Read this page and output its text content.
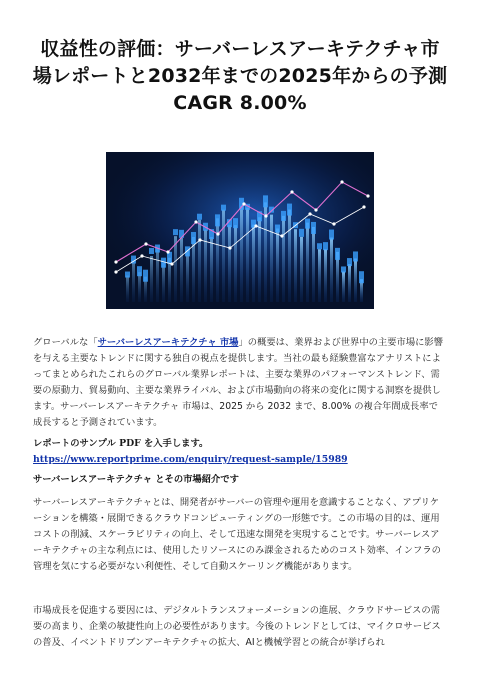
収益性の評価：サーバーレスアーキテクチャ市
場レポートと2032年までの2025年からの予測
CAGR 8.00%

グローバルな「サーバーレスアーキテクチャ 市場」の概要は、業界および世界中の主要市場に影響を与える主要なトレンドに関する独自の視点を提供します。当社の最も経験豊富なアナリストによってまとめられたこれらのグローバル業界レポートは、主要な業界のパフォーマンストレンド、需要の原動力、貿易動向、主要な業界ライバル、および市場動向の将来の変化に関する洞察を提供します。サーバーレスアーキテクチャ 市場は、2025 から 2032 まで、8.00% の複合年間成長率で成長すると予測されています。

レポートのサンプル PDF を入手します。 https://www.reportprime.com/enquiry/request-sample/15989

サーバーレスアーキテクチャ とその市場紹介です

サーバーレスアーキテクチャとは、開発者がサーバーの管理や運用を意識することなく、アプリケーションを構築・展開できるクラウドコンピューティングの一形態です。この市場の目的は、運用コストの削減、スケーラビリティの向上、そして迅速な開発を実現することです。サーバーレスアーキテクチャの主な利点には、使用したリソースにのみ課金されるためのコスト効率、インフラの管理を気にする必要がない利便性、そして自動スケーリング機能があります。

市場成長を促進する要因には、デジタルトランスフォーメーションの進展、クラウドサービスの需要の高まり、企業の敏捷性向上の必要性があります。今後のトレンドとしては、マイクロサービスの普及、イベントドリブンアーキテクチャの拡大、AIと機械学習との統合が挙げられ
